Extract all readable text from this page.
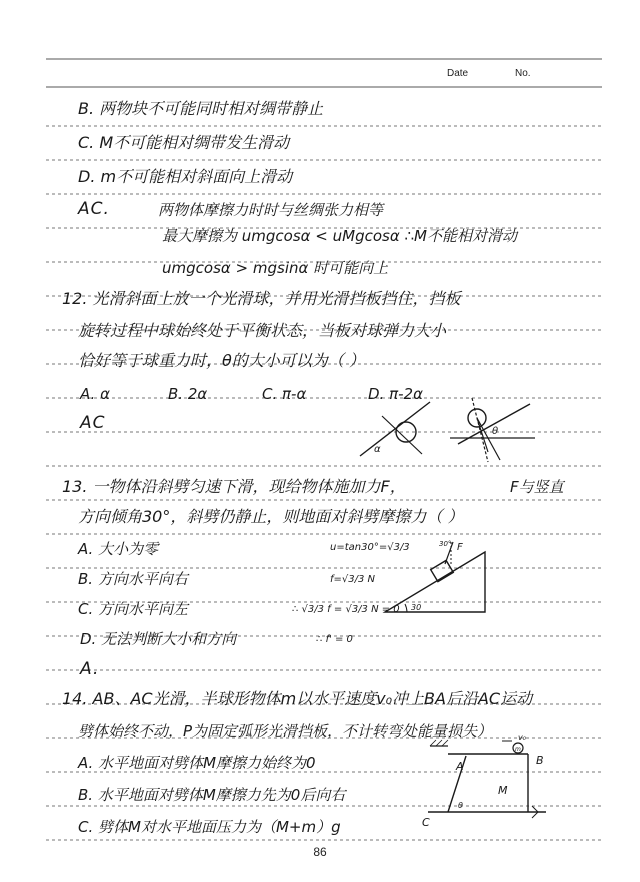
Date	No.
B. 两物块不可能同时相对绸带静止
C. M不可能相对绸带发生滑动
D. m不可能相对斜面向上滑动
AC.	两物体摩擦力时时与丝绸张力相等
最大摩擦为 umgcosα < uMgcosα ∴M不能相对滑动
umgcosα > mgsinα 时可能向上
12. 光滑斜面上放一个光滑球，并用光滑挡板挡住，挡板
旋转过程中球始终处于平衡状态，当板对球弹力大小
恰好等于球重力时，θ的大小可以为（ ）
A. α	B. 2α	C. π-α	D. π-2α
AC
α
θ
13. 一物体沿斜劈匀速下滑，现给物体施加力F，	F与竖直
方向倾角30°，斜劈仍静止，则地面对斜劈摩擦力（ ）
A. 大小为零	u=tan30°=√3/3
B. 方向水平向右	f=√3/3 N
C. 方向水平向左	∴ √3/3 f = √3/3 N = 0
D. 无法判断大小和方向	∴ f' = 0
A.
F
30°
30
14. AB、AC光滑，半球形物体m以水平速度v₀冲上BA后沿AC运动
劈体始终不动，P为固定弧形光滑挡板，不计转弯处能量损失）
A. 水平地面对劈体M摩擦力始终为0
B. 水平地面对劈体M摩擦力先为0后向右
C. 劈体M对水平地面压力为（M+m）g
v₀
m
A	B
M
C
θ
86
